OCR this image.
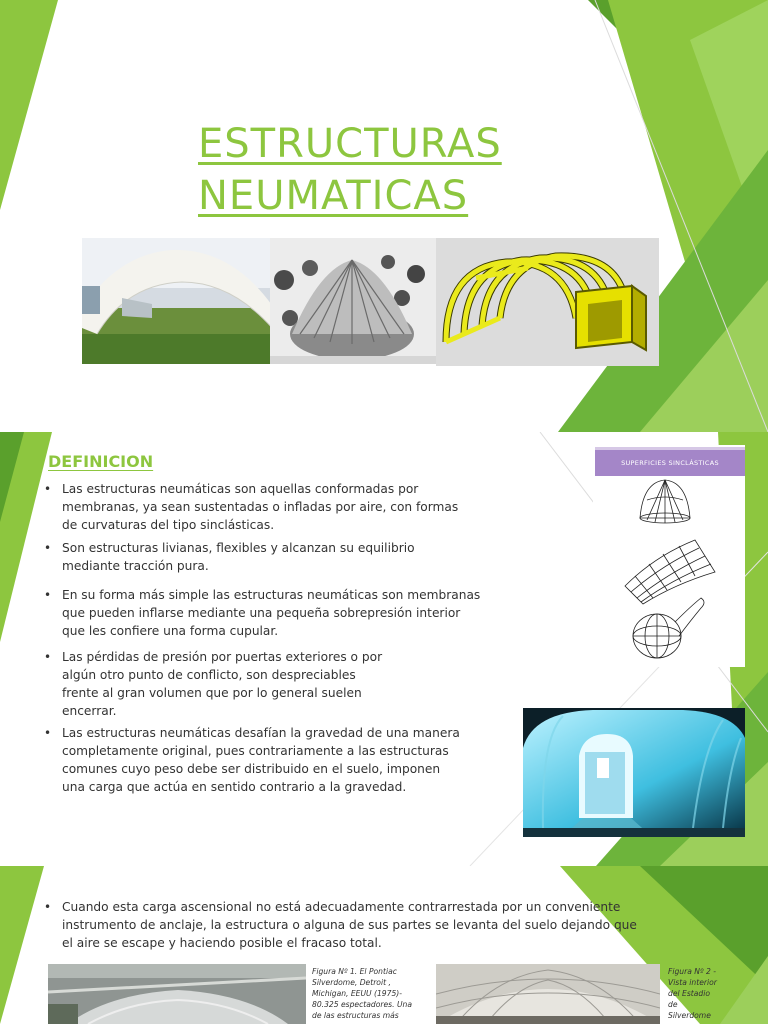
ESTRUCTURAS
NEUMATICAS
DEFINICION
• Las estructuras neumáticas son aquellas conformadas por
membranas, ya sean sustentadas o infladas por aire, con formas
de curvaturas del tipo sinclásticas.
• Son estructuras livianas, flexibles y alcanzan su equilibrio
mediante tracción pura.
• En su forma más simple las estructuras neumáticas son membranas
que pueden inflarse mediante una pequeña sobrepresión interior
que les confiere una forma cupular.
• Las pérdidas de presión por puertas exteriores o por
algún otro punto de conflicto, son despreciables
frente al gran volumen que por lo general suelen
encerrar.
• Las estructuras neumáticas desafían la gravedad de una manera
completamente original, pues contrariamente a las estructuras
comunes cuyo peso debe ser distribuido en el suelo, imponen
una carga que actúa en sentido contrario a la gravedad.
SUPERFICIES SINCLÁSTICAS
• Cuando esta carga ascensional no está adecuadamente contrarrestada por un conveniente
instrumento de anclaje, la estructura o alguna de sus partes se levanta del suelo dejando que
el aire se escape y haciendo posible el fracaso total.
Figura Nº 1. El Pontiac
Silverdome, Detroit ,
Michigan, EEUU (1975)-
80.325 espectadores. Una
de las estructuras más
Figura Nº 2 -
Vista interior
del Estadio
de
Silverdome
